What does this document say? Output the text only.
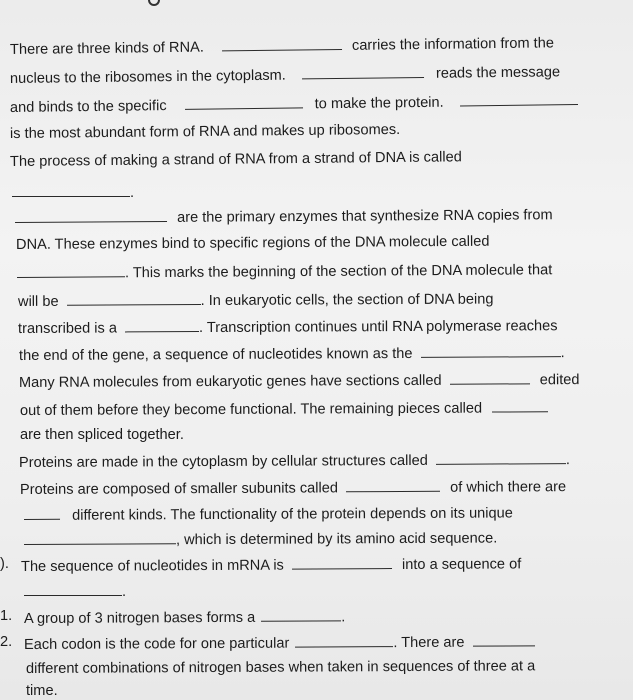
There are three kinds of RNA.	carries the information from the
nucleus to the ribosomes in the cytoplasm.	reads the message
and binds to the specific	to make the protein.
is the most abundant form of RNA and makes up ribosomes.
The process of making a strand of RNA from a strand of DNA is called
.
are the primary enzymes that synthesize RNA copies from
DNA. These enzymes bind to specific regions of the DNA molecule called
. This marks the beginning of the section of the DNA molecule that
will be	. In eukaryotic cells, the section of DNA being
transcribed is a	. Transcription continues until RNA polymerase reaches
the end of the gene, a sequence of nucleotides known as the	.
Many RNA molecules from eukaryotic genes have sections called	edited
out of them before they become functional. The remaining pieces called
are then spliced together.
Proteins are made in the cytoplasm by cellular structures called	.
Proteins are composed of smaller subunits called	of which there are
different kinds. The functionality of the protein depends on its unique
, which is determined by its amino acid sequence.
). The sequence of nucleotides in mRNA is	into a sequence of
.
1. A group of 3 nitrogen bases forms a	.
2. Each codon is the code for one particular	. There are
different combinations of nitrogen bases when taken in sequences of three at a
time.
